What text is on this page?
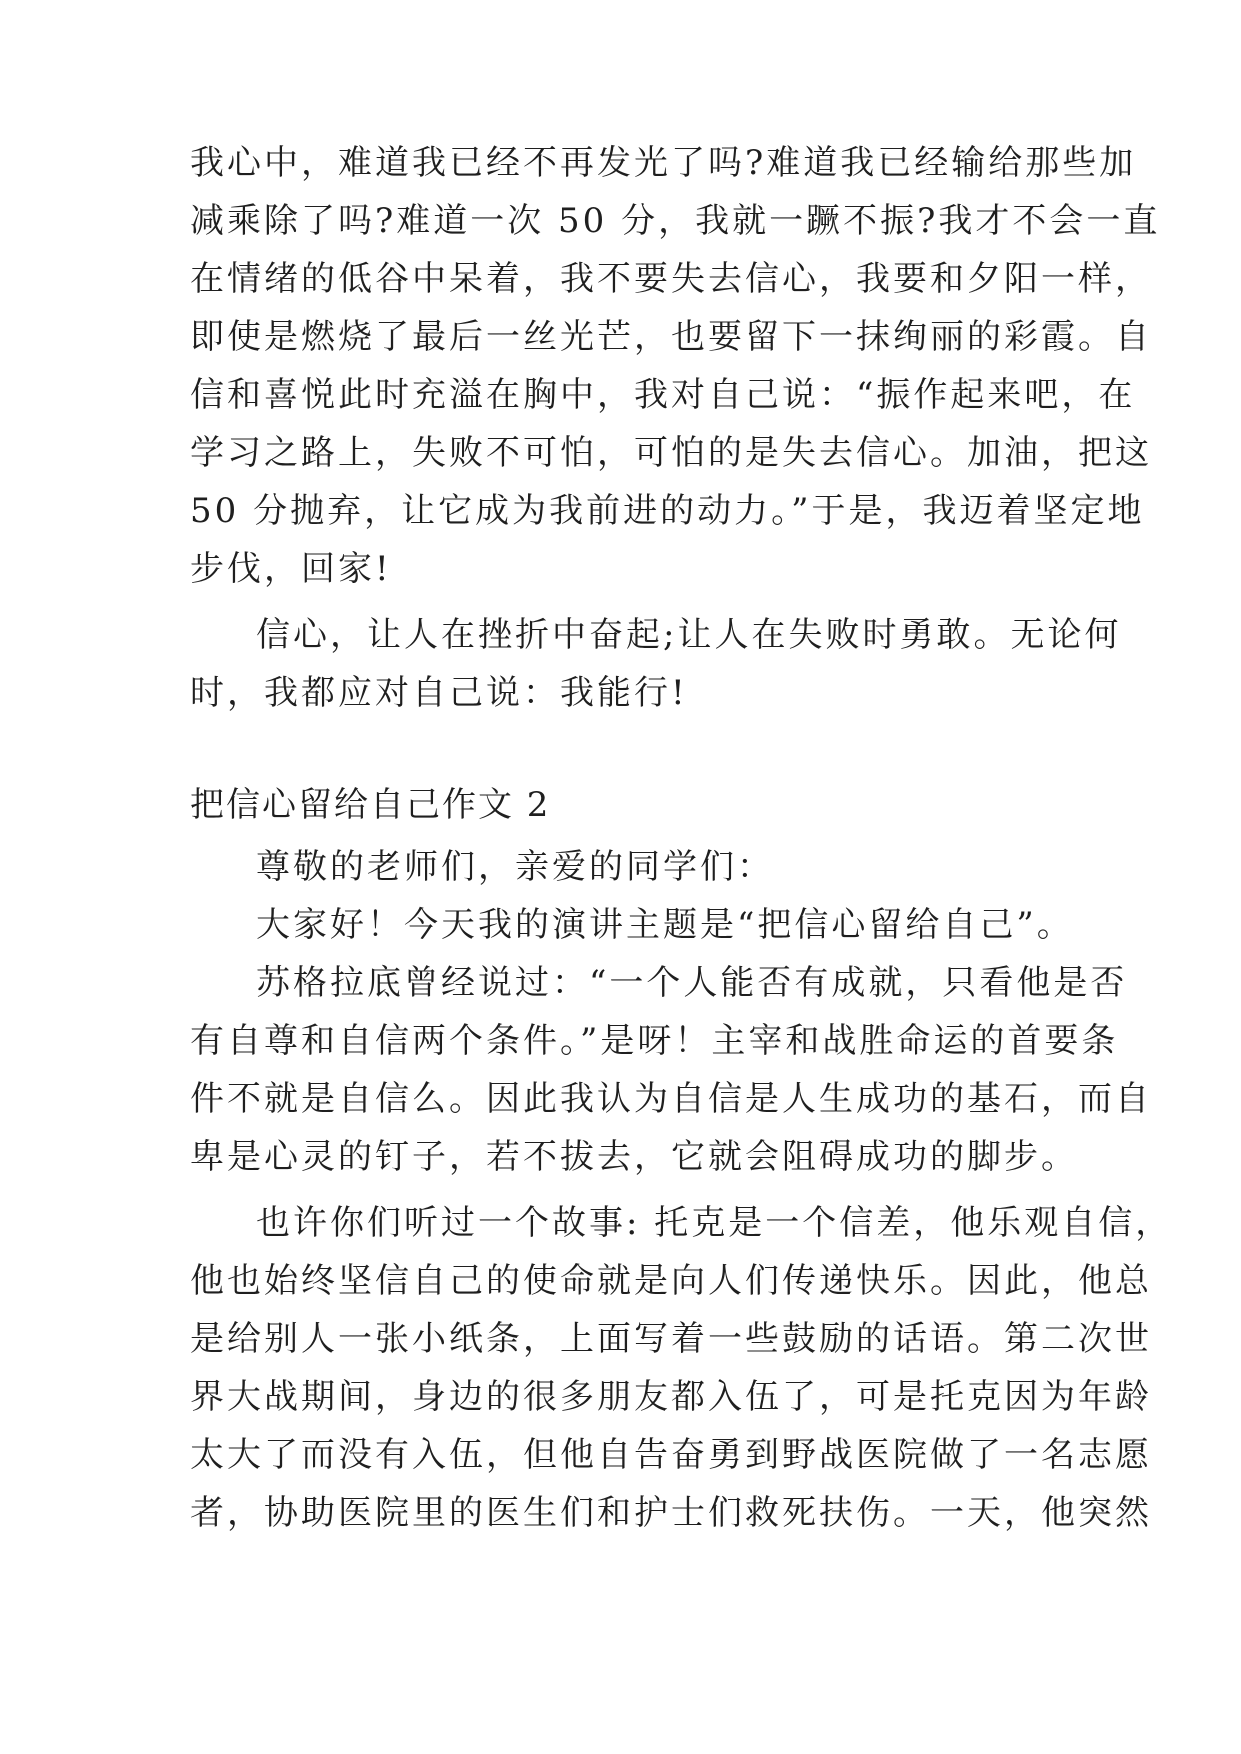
我心中，难道我已经不再发光了吗?难道我已经输给那些加
减乘除了吗?难道一次 50 分，我就一蹶不振?我才不会一直
在情绪的低谷中呆着，我不要失去信心，我要和夕阳一样，
即使是燃烧了最后一丝光芒，也要留下一抹绚丽的彩霞。自
信和喜悦此时充溢在胸中，我对自己说：“振作起来吧，在
学习之路上，失败不可怕，可怕的是失去信心。加油，把这
50 分抛弃，让它成为我前进的动力。”于是，我迈着坚定地
步伐，回家!
信心，让人在挫折中奋起;让人在失败时勇敢。无论何
时，我都应对自己说：我能行!
把信心留给自己作文 2
尊敬的老师们，亲爱的同学们：
大家好！今天我的演讲主题是“把信心留给自己”。
苏格拉底曾经说过：“一个人能否有成就，只看他是否
有自尊和自信两个条件。”是呀！主宰和战胜命运的首要条
件不就是自信么。因此我认为自信是人生成功的基石，而自
卑是心灵的钉子，若不拔去，它就会阻碍成功的脚步。
也许你们听过一个故事: 托克是一个信差，他乐观自信，
他也始终坚信自己的使命就是向人们传递快乐。因此，他总
是给别人一张小纸条，上面写着一些鼓励的话语。第二次世
界大战期间，身边的很多朋友都入伍了，可是托克因为年龄
太大了而没有入伍，但他自告奋勇到野战医院做了一名志愿
者，协助医院里的医生们和护士们救死扶伤。一天，他突然
